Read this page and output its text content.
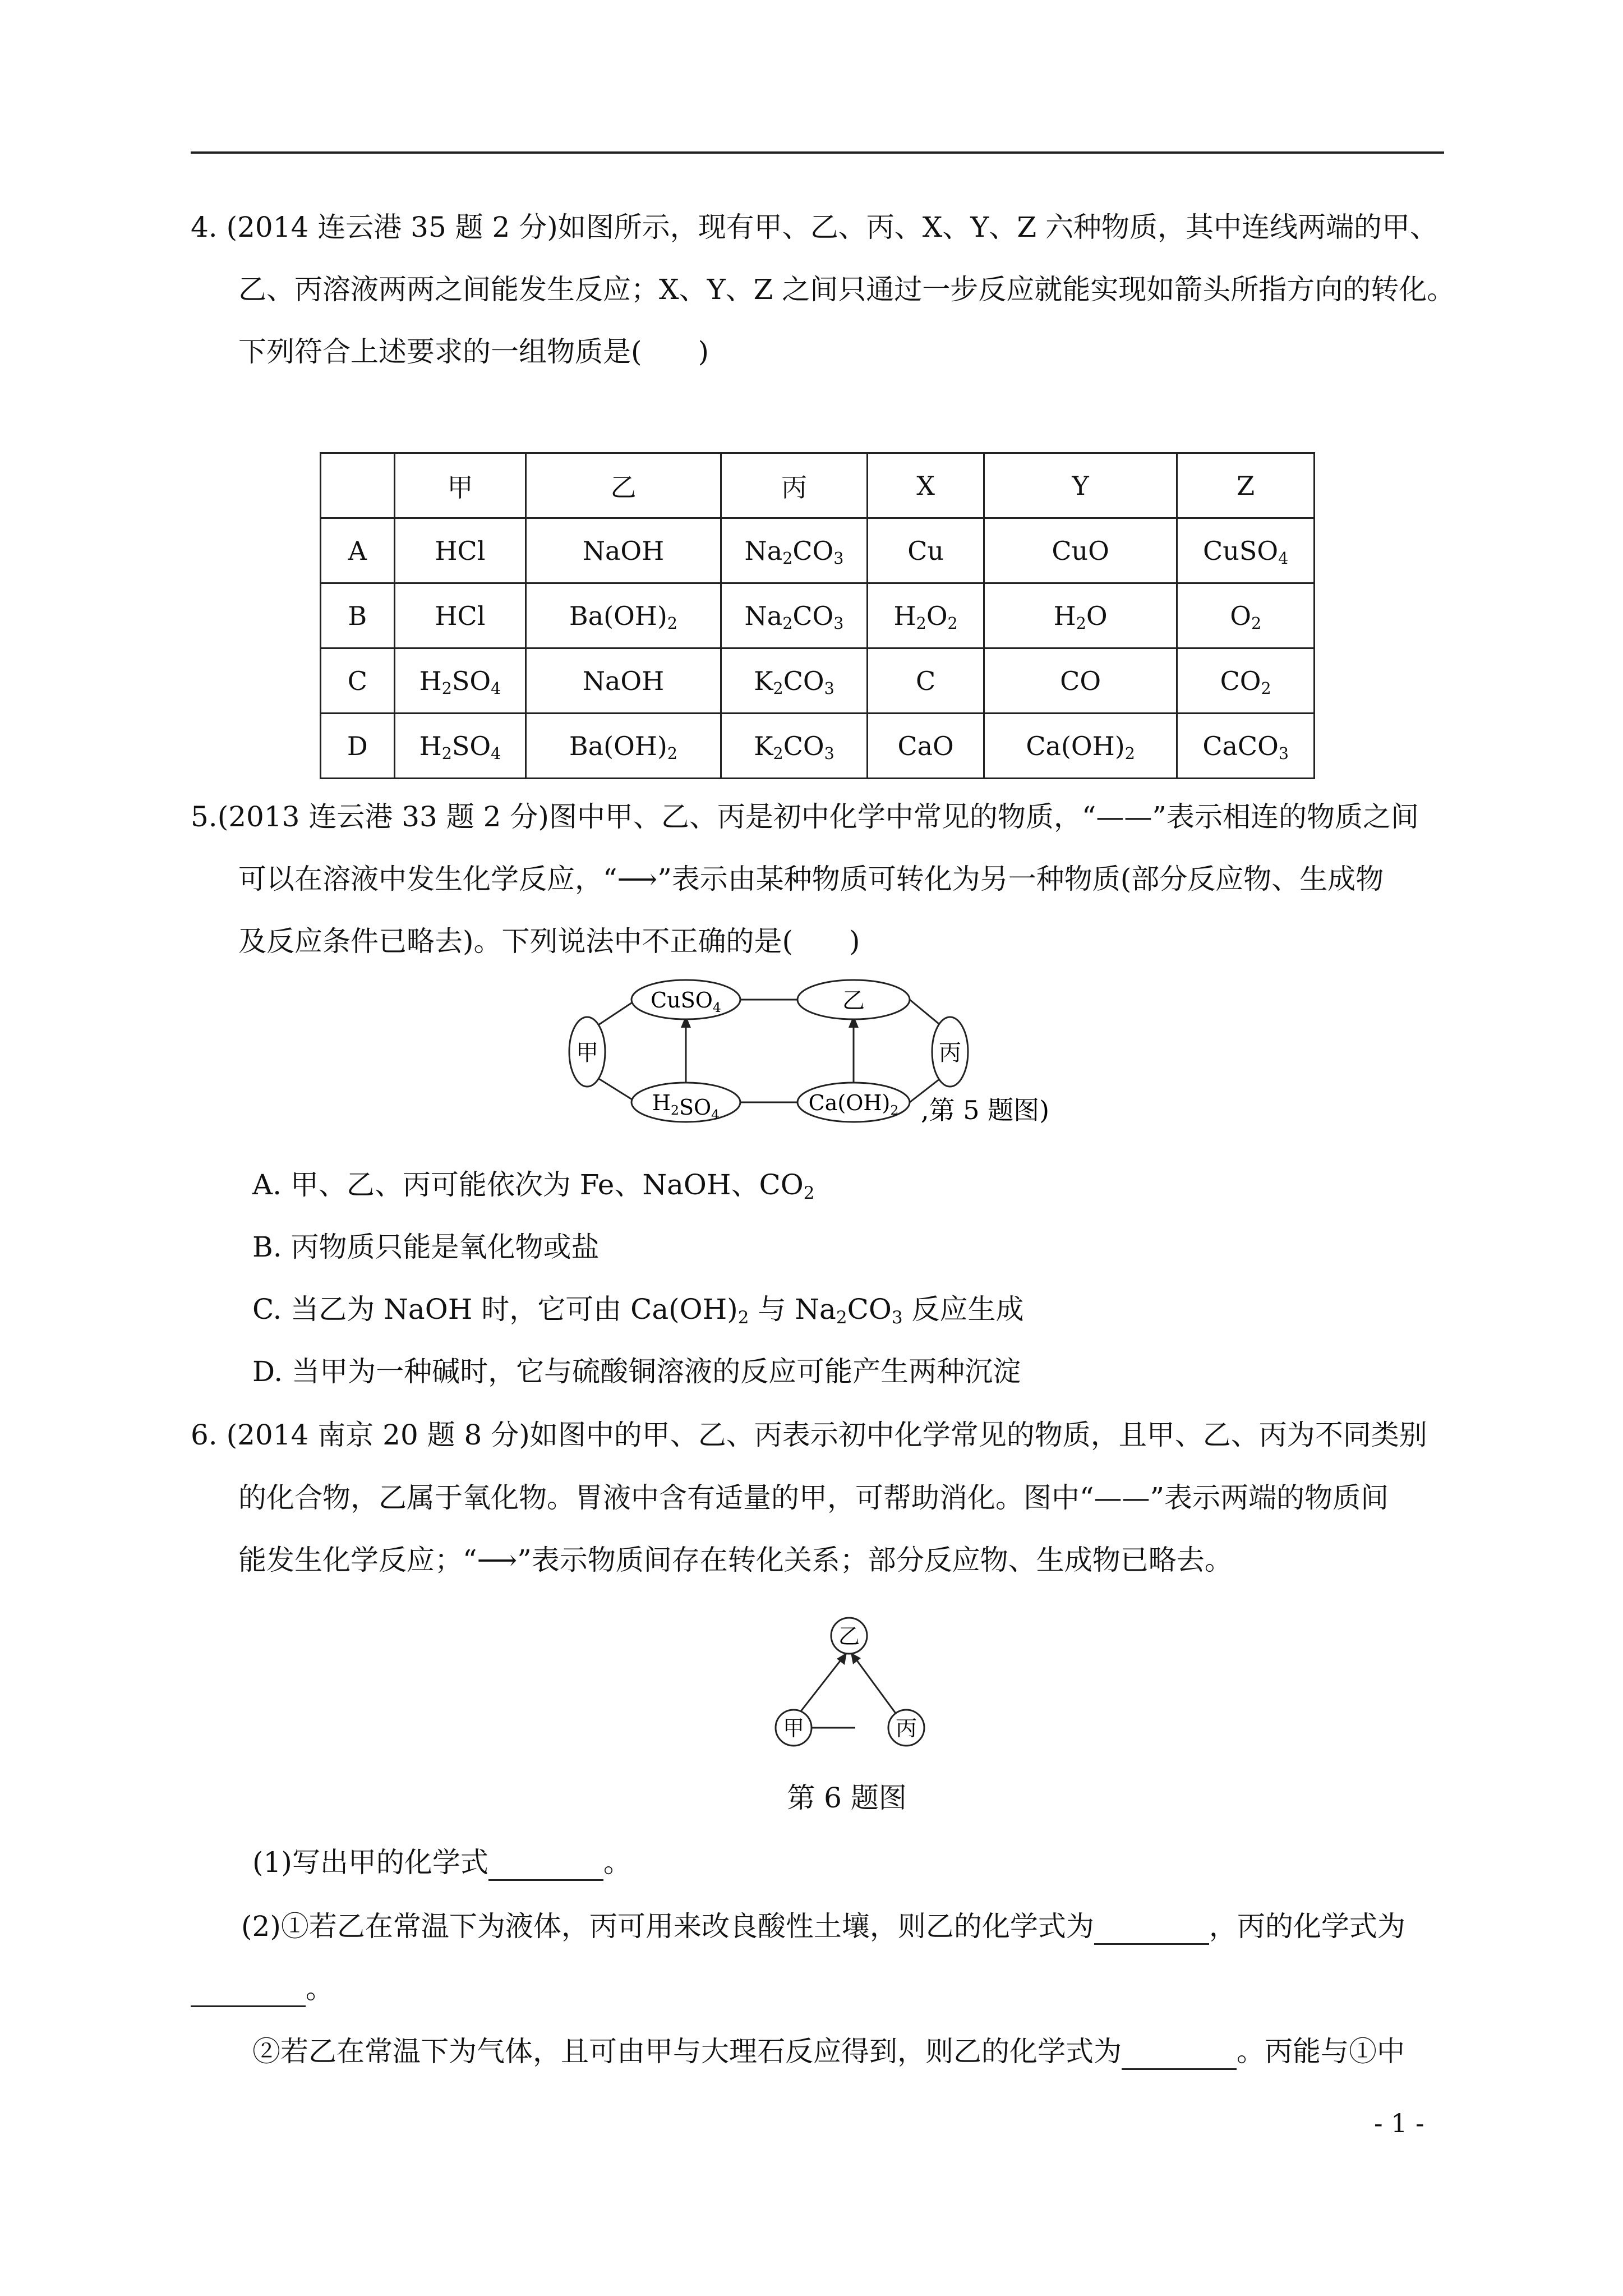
4. (2014 连云港 35 题 2 分)如图所示，现有甲、乙、丙、X、Y、Z 六种物质，其中连线两端的甲、
乙、丙溶液两两之间能发生反应；X、Y、Z 之间只通过一步反应就能实现如箭头所指方向的转化。
下列符合上述要求的一组物质是(　　)
	甲	乙	丙	X	Y	Z
A	HCl	NaOH	$Na_2CO_3$	Cu	CuO	CuSO$_4$
B	HCl	$Ba(OH)_2$	$Na_2CO_3$	$H_2O_2$	$H_2O$	$O_2$
C	$H_2SO_4$	NaOH	$K_2CO_3$	C	CO	$CO_2$
D	$H_2SO_4$	$Ba(OH)_2$	$K_2CO_3$	CaO	$Ca(OH)_2$	CaCO$_3$
5.(2013 连云港 33 题 2 分)图中甲、乙、丙是初中化学中常见的物质，“——”表示相连的物质之间
可以在溶液中发生化学反应，“⟶”表示由某种物质可转化为另一种物质(部分反应物、生成物
及反应条件已略去)。下列说法中不正确的是(　　)
甲	丙
乙
CuSO$_4$
$H_2SO_4$	$Ca(OH)_2$ ,第 5 题图)
A. 甲、乙、丙可能依次为 Fe、NaOH、$CO_2$
B. 丙物质只能是氧化物或盐
C. 当乙为 NaOH 时，它可由 $Ca(OH)_2$ 与 $Na_2CO_3$ 反应生成
D. 当甲为一种碱时，它与硫酸铜溶液的反应可能产生两种沉淀
6. (2014 南京 20 题 8 分)如图中的甲、乙、丙表示初中化学常见的物质，且甲、乙、丙为不同类别
的化合物，乙属于氧化物。胃液中含有适量的甲，可帮助消化。图中“——”表示两端的物质间
能发生化学反应；“⟶”表示物质间存在转化关系；部分反应物、生成物已略去。
乙
甲	丙
第 6 题图
(1)写出甲的化学式	。
(2)①若乙在常温下为液体，丙可用来改良酸性土壤，则乙的化学式为	，丙的化学式为
。
②若乙在常温下为气体，且可由甲与大理石反应得到，则乙的化学式为	。丙能与①中
- 1 -
